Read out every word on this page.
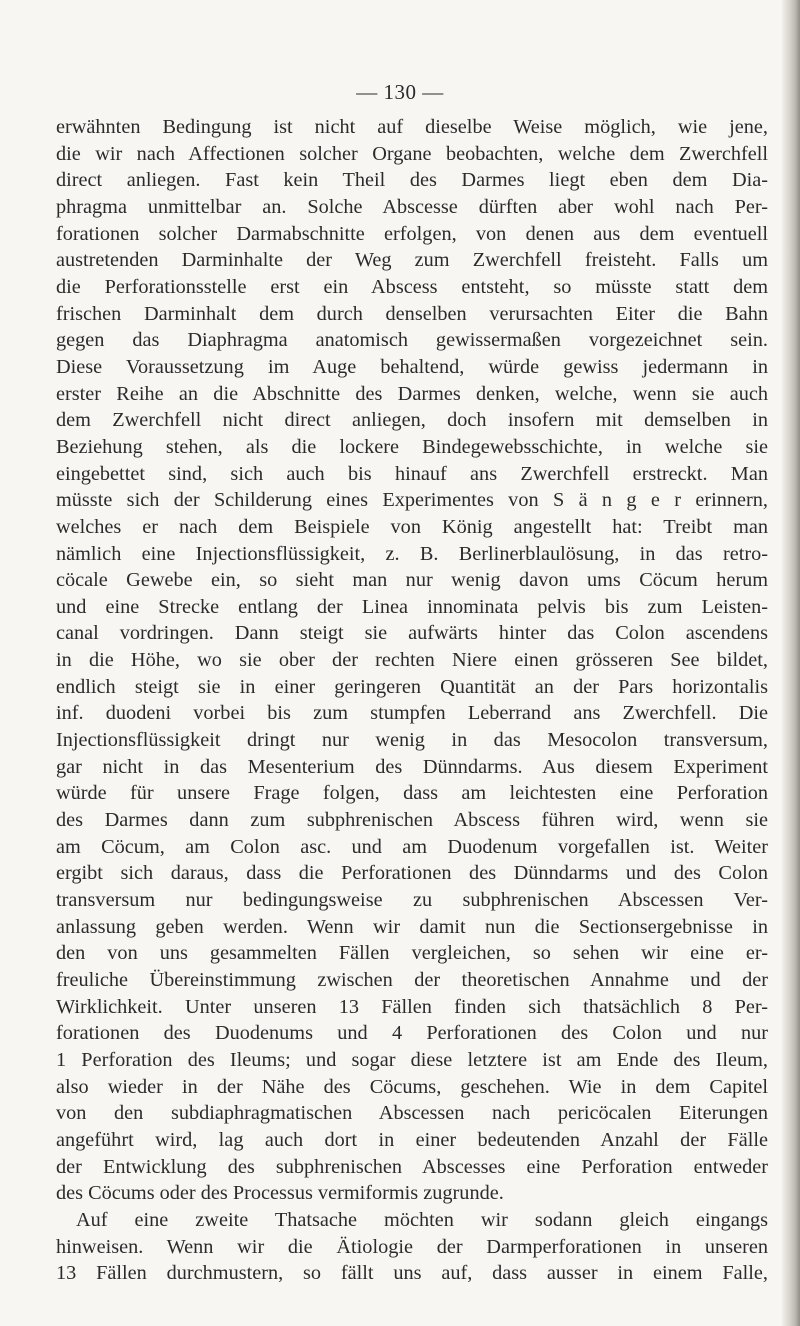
— 130 —
erwähnten Bedingung ist nicht auf dieselbe Weise möglich, wie jene,
die wir nach Affectionen solcher Organe beobachten, welche dem Zwerchfell
direct anliegen. Fast kein Theil des Darmes liegt eben dem Dia-
phragma unmittelbar an. Solche Abscesse dürften aber wohl nach Per-
forationen solcher Darmabschnitte erfolgen, von denen aus dem eventuell
austretenden Darminhalte der Weg zum Zwerchfell freisteht. Falls um
die Perforationsstelle erst ein Abscess entsteht, so müsste statt dem
frischen Darminhalt dem durch denselben verursachten Eiter die Bahn
gegen das Diaphragma anatomisch gewissermaßen vorgezeichnet sein.
Diese Voraussetzung im Auge behaltend, würde gewiss jedermann in
erster Reihe an die Abschnitte des Darmes denken, welche, wenn sie auch
dem Zwerchfell nicht direct anliegen, doch insofern mit demselben in
Beziehung stehen, als die lockere Bindegewebsschichte, in welche sie
eingebettet sind, sich auch bis hinauf ans Zwerchfell erstreckt. Man
müsste sich der Schilderung eines Experimentes von S ä n g e r erinnern,
welches er nach dem Beispiele von König angestellt hat: Treibt man
nämlich eine Injectionsflüssigkeit, z. B. Berlinerblaulösung, in das retro-
cöcale Gewebe ein, so sieht man nur wenig davon ums Cöcum herum
und eine Strecke entlang der Linea innominata pelvis bis zum Leisten-
canal vordringen. Dann steigt sie aufwärts hinter das Colon ascendens
in die Höhe, wo sie ober der rechten Niere einen grösseren See bildet,
endlich steigt sie in einer geringeren Quantität an der Pars horizontalis
inf. duodeni vorbei bis zum stumpfen Leberrand ans Zwerchfell. Die
Injectionsflüssigkeit dringt nur wenig in das Mesocolon transversum,
gar nicht in das Mesenterium des Dünndarms. Aus diesem Experiment
würde für unsere Frage folgen, dass am leichtesten eine Perforation
des Darmes dann zum subphrenischen Abscess führen wird, wenn sie
am Cöcum, am Colon asc. und am Duodenum vorgefallen ist. Weiter
ergibt sich daraus, dass die Perforationen des Dünndarms und des Colon
transversum nur bedingungsweise zu subphrenischen Abscessen Ver-
anlassung geben werden. Wenn wir damit nun die Sectionsergebnisse in
den von uns gesammelten Fällen vergleichen, so sehen wir eine er-
freuliche Übereinstimmung zwischen der theoretischen Annahme und der
Wirklichkeit. Unter unseren 13 Fällen finden sich thatsächlich 8 Per-
forationen des Duodenums und 4 Perforationen des Colon und nur
1 Perforation des Ileums; und sogar diese letztere ist am Ende des Ileum,
also wieder in der Nähe des Cöcums, geschehen. Wie in dem Capitel
von den subdiaphragmatischen Abscessen nach pericöcalen Eiterungen
angeführt wird, lag auch dort in einer bedeutenden Anzahl der Fälle
der Entwicklung des subphrenischen Abscesses eine Perforation entweder
des Cöcums oder des Processus vermiformis zugrunde.
Auf eine zweite Thatsache möchten wir sodann gleich eingangs
hinweisen. Wenn wir die Ätiologie der Darmperforationen in unseren
13 Fällen durchmustern, so fällt uns auf, dass ausser in einem Falle,
